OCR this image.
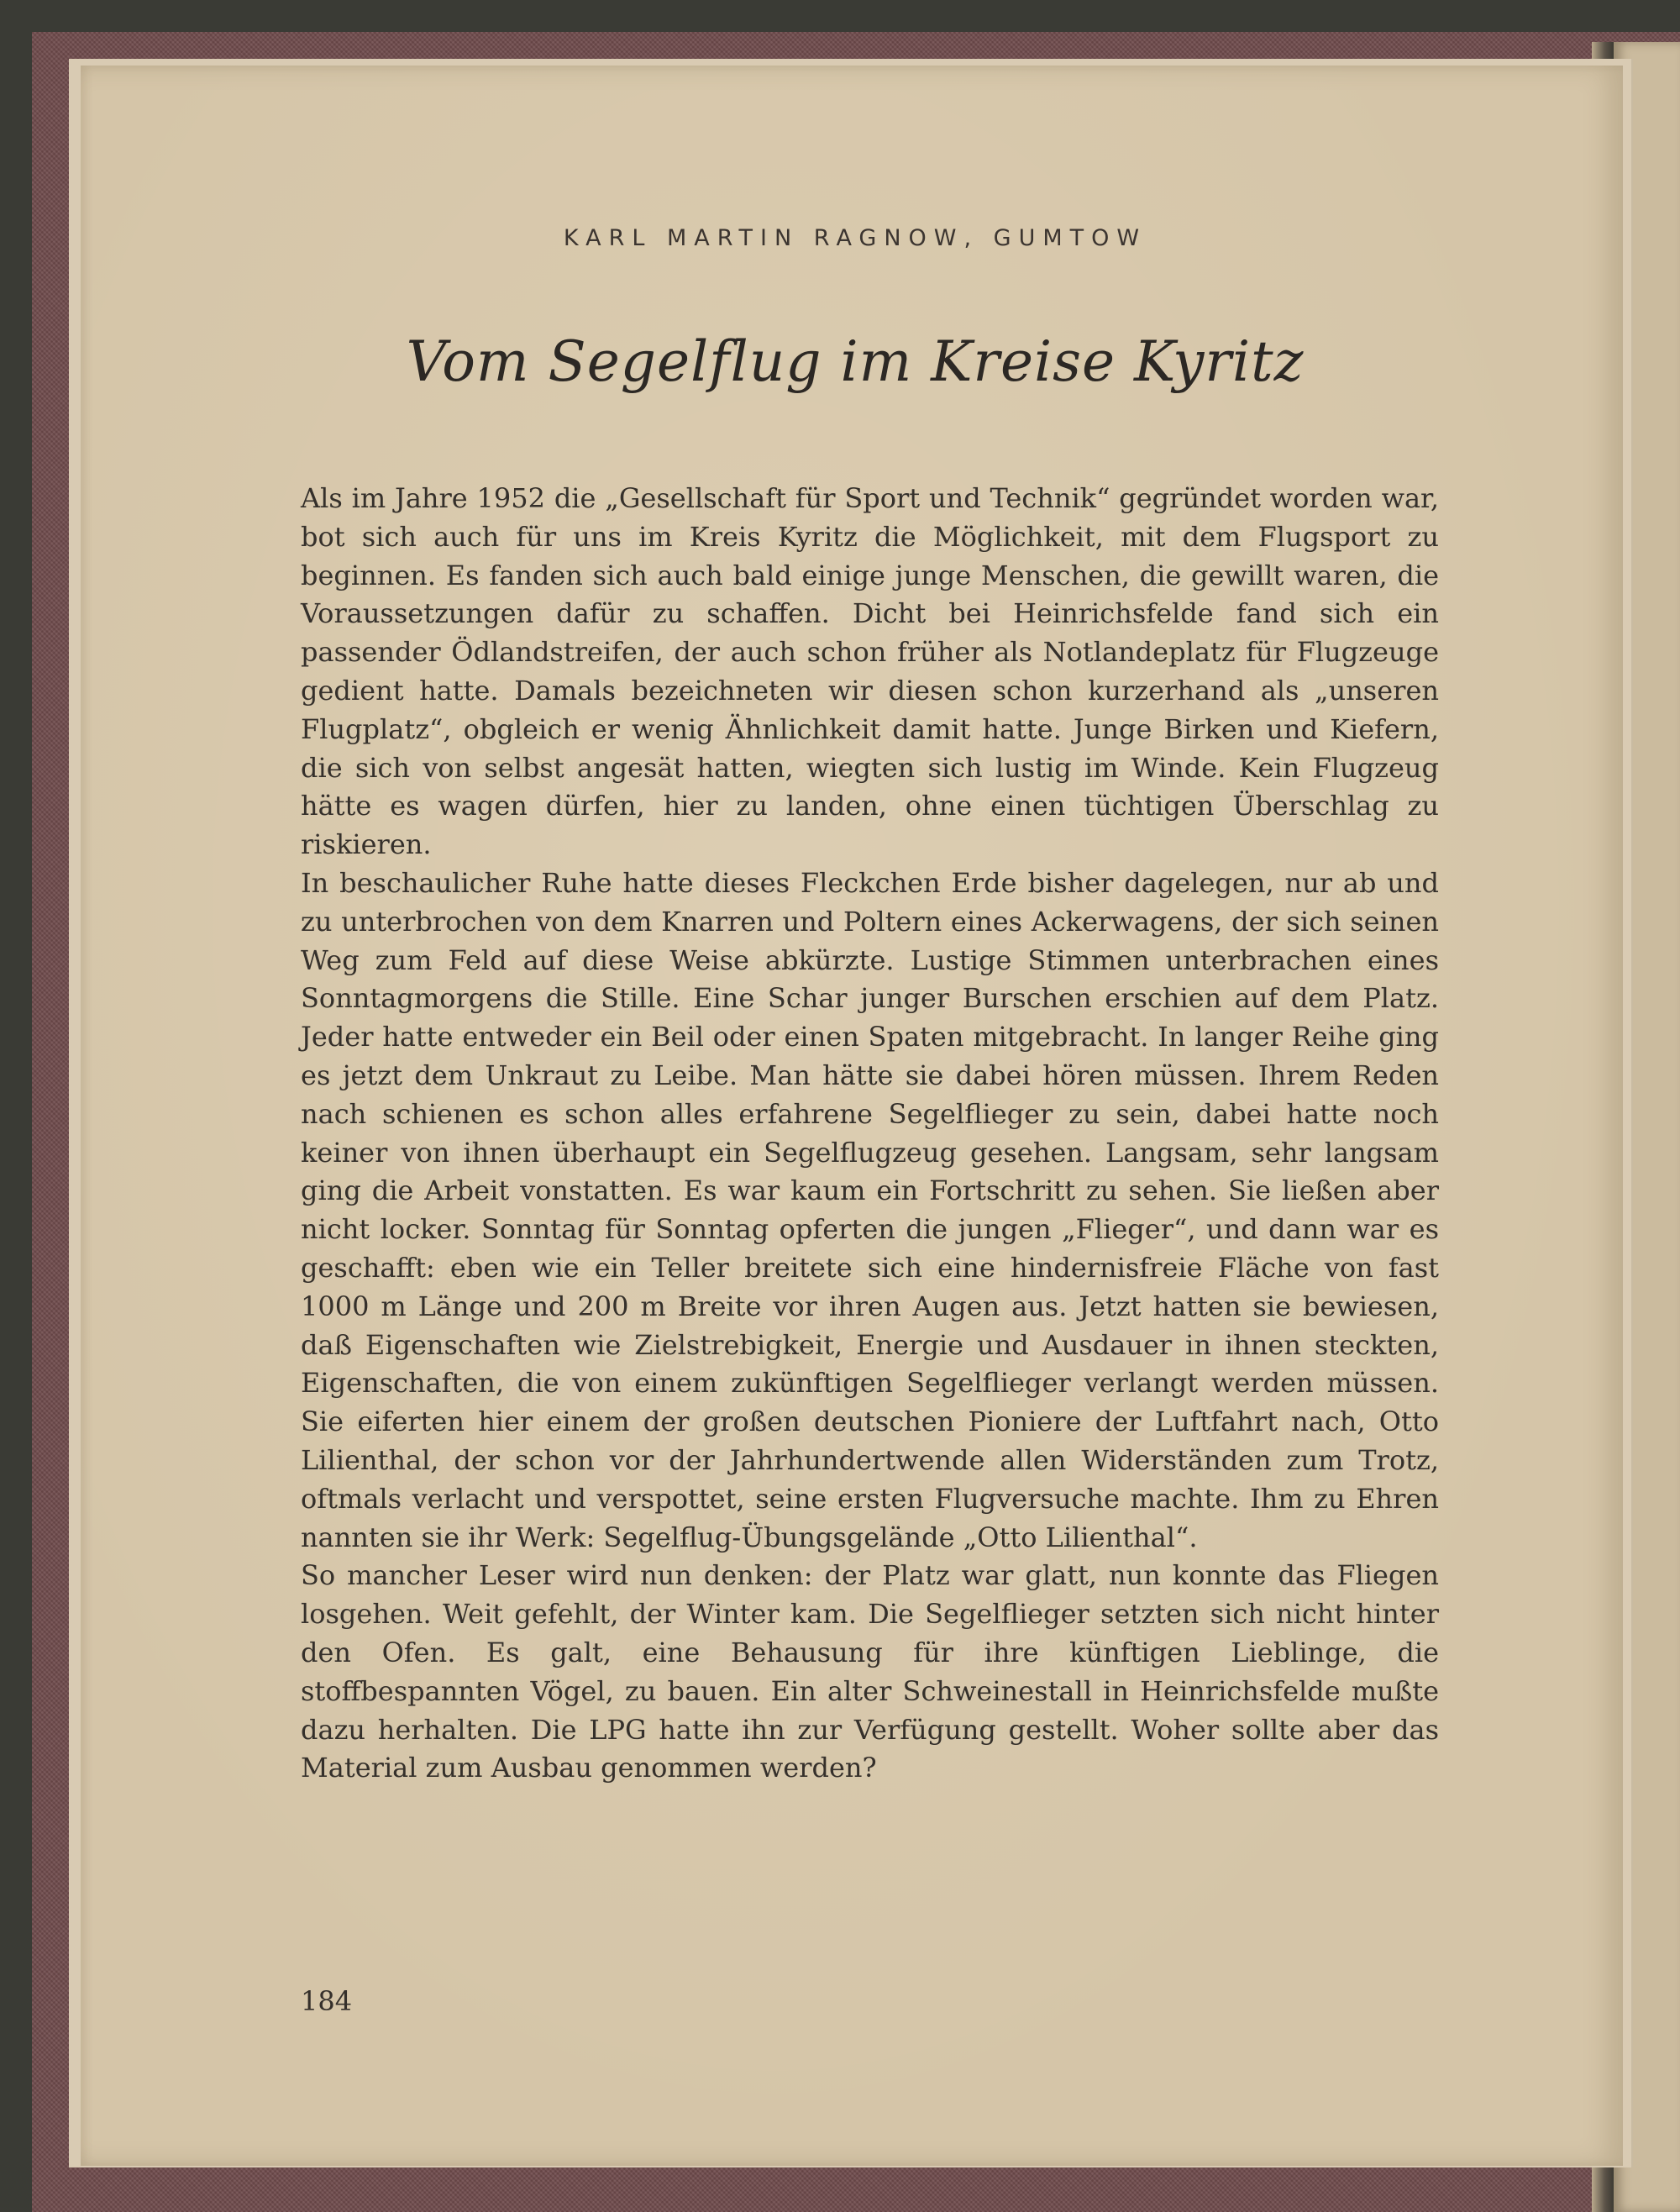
KARL MARTIN RAGNOW, GUMTOW
Vom Segelflug im Kreise Kyritz

Als im Jahre 1952 die „Gesellschaft für Sport und Technik“ gegründet worden war, bot sich auch für uns im Kreis Kyritz die Möglichkeit, mit dem Flugsport zu beginnen. Es fanden sich auch bald einige junge Menschen, die gewillt waren, die Voraussetzungen dafür zu schaffen. Dicht bei Heinrichsfelde fand sich ein passender Ödlandstreifen, der auch schon früher als Notlandeplatz für Flugzeuge gedient hatte. Damals bezeichneten wir diesen schon kurzerhand als „unseren Flugplatz“, obgleich er wenig Ähnlichkeit damit hatte. Junge Birken und Kiefern, die sich von selbst angesät hatten, wiegten sich lustig im Winde. Kein Flugzeug hätte es wagen dürfen, hier zu landen, ohne einen tüchtigen Überschlag zu riskieren.

In beschaulicher Ruhe hatte dieses Fleckchen Erde bisher dagelegen, nur ab und zu unterbrochen von dem Knarren und Poltern eines Ackerwagens, der sich seinen Weg zum Feld auf diese Weise abkürzte. Lustige Stimmen unterbrachen eines Sonntagmorgens die Stille. Eine Schar junger Burschen erschien auf dem Platz. Jeder hatte entweder ein Beil oder einen Spaten mitgebracht. In langer Reihe ging es jetzt dem Unkraut zu Leibe. Man hätte sie dabei hören müssen. Ihrem Reden nach schienen es schon alles erfahrene Segelflieger zu sein, dabei hatte noch keiner von ihnen überhaupt ein Segelflugzeug gesehen. Langsam, sehr langsam ging die Arbeit vonstatten. Es war kaum ein Fortschritt zu sehen. Sie ließen aber nicht locker. Sonntag für Sonntag opferten die jungen „Flieger“, und dann war es geschafft: eben wie ein Teller breitete sich eine hindernisfreie Fläche von fast 1000 m Länge und 200 m Breite vor ihren Augen aus. Jetzt hatten sie bewiesen, daß Eigenschaften wie Zielstrebigkeit, Energie und Ausdauer in ihnen steckten, Eigenschaften, die von einem zukünftigen Segelflieger verlangt werden müssen. Sie eiferten hier einem der großen deutschen Pioniere der Luftfahrt nach, Otto Lilienthal, der schon vor der Jahrhundertwende allen Widerständen zum Trotz, oftmals verlacht und verspottet, seine ersten Flugversuche machte. Ihm zu Ehren nannten sie ihr Werk: Segelflug-Übungsgelände „Otto Lilienthal“.

So mancher Leser wird nun denken: der Platz war glatt, nun konnte das Fliegen losgehen. Weit gefehlt, der Winter kam. Die Segelflieger setzten sich nicht hinter den Ofen. Es galt, eine Behausung für ihre künftigen Lieblinge, die stoffbespannten Vögel, zu bauen. Ein alter Schweinestall in Heinrichsfelde mußte dazu herhalten. Die LPG hatte ihn zur Verfügung gestellt. Woher sollte aber das Material zum Ausbau genommen werden?

184
